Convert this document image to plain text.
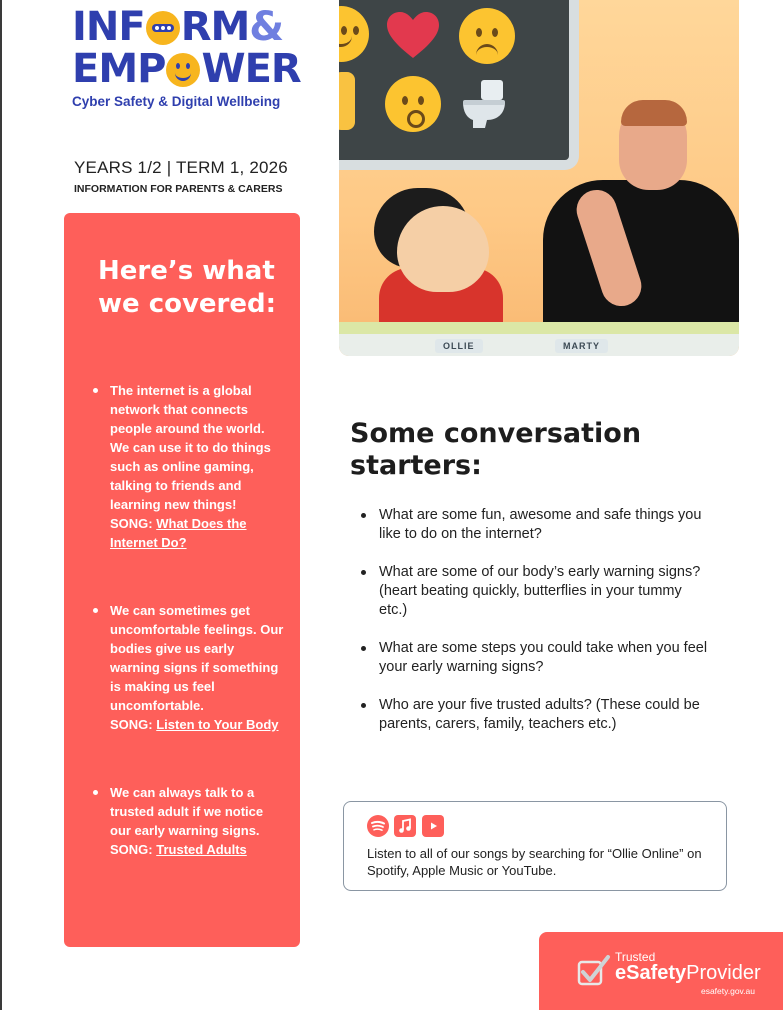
INF RM&
EMP WER
Cyber Safety & Digital Wellbeing
YEARS 1/2 | TERM 1, 2026
INFORMATION FOR PARENTS & CARERS
Here’s what we covered:
The internet is a global network that connects people around the world. We can use it to do things such as online gaming, talking to friends and learning new things!
SONG: What Does the Internet Do?
We can sometimes get uncomfortable feelings. Our bodies give us early warning signs if something is making us feel uncomfortable.
SONG: Listen to Your Body
We can always talk to a trusted adult if we notice our early warning signs.
SONG: Trusted Adults
OLLIE	MARTY
Some conversation starters:
What are some fun, awesome and safe things you like to do on the internet?
What are some of our body’s early warning signs? (heart beating quickly, butterflies in your tummy etc.)
What are some steps you could take when you feel your early warning signs?
Who are your five trusted adults? (These could be parents, carers, family, teachers etc.)
Listen to all of our songs by searching for “Ollie Online” on Spotify, Apple Music or YouTube.
Trusted
eSafetyProvider
esafety.gov.au
